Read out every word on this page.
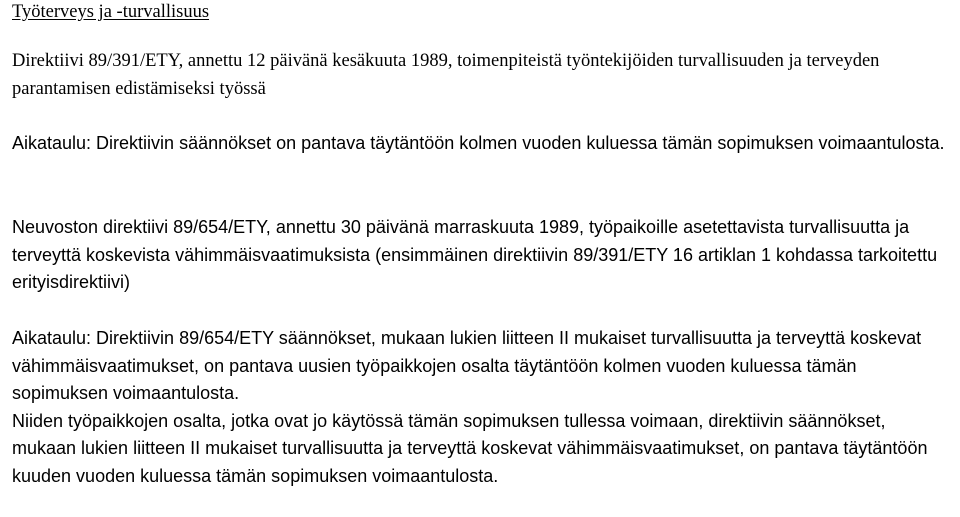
Työterveys ja -turvallisuus

Direktiivi 89/391/ETY, annettu 12 päivänä kesäkuuta 1989, toimenpiteistä työntekijöiden turvallisuuden ja terveyden parantamisen edistämiseksi työssä

Aikataulu: Direktiivin säännökset on pantava täytäntöön kolmen vuoden kuluessa tämän sopimuksen voimaantulosta.

Neuvoston direktiivi 89/654/ETY, annettu 30 päivänä marraskuuta 1989, työpaikoille asetettavista turvallisuutta ja terveyttä koskevista vähimmäisvaatimuksista (ensimmäinen direktiivin 89/391/ETY 16 artiklan 1 kohdassa tarkoitettu erityisdirektiivi)

Aikataulu: Direktiivin 89/654/ETY säännökset, mukaan lukien liitteen II mukaiset turvallisuutta ja terveyttä koskevat vähimmäisvaatimukset, on pantava uusien työpaikkojen osalta täytäntöön kolmen vuoden kuluessa tämän sopimuksen voimaantulosta.

Niiden työpaikkojen osalta, jotka ovat jo käytössä tämän sopimuksen tullessa voimaan, direktiivin säännökset, mukaan lukien liitteen II mukaiset turvallisuutta ja terveyttä koskevat vähimmäisvaatimukset, on pantava täytäntöön kuuden vuoden kuluessa tämän sopimuksen voimaantulosta.
